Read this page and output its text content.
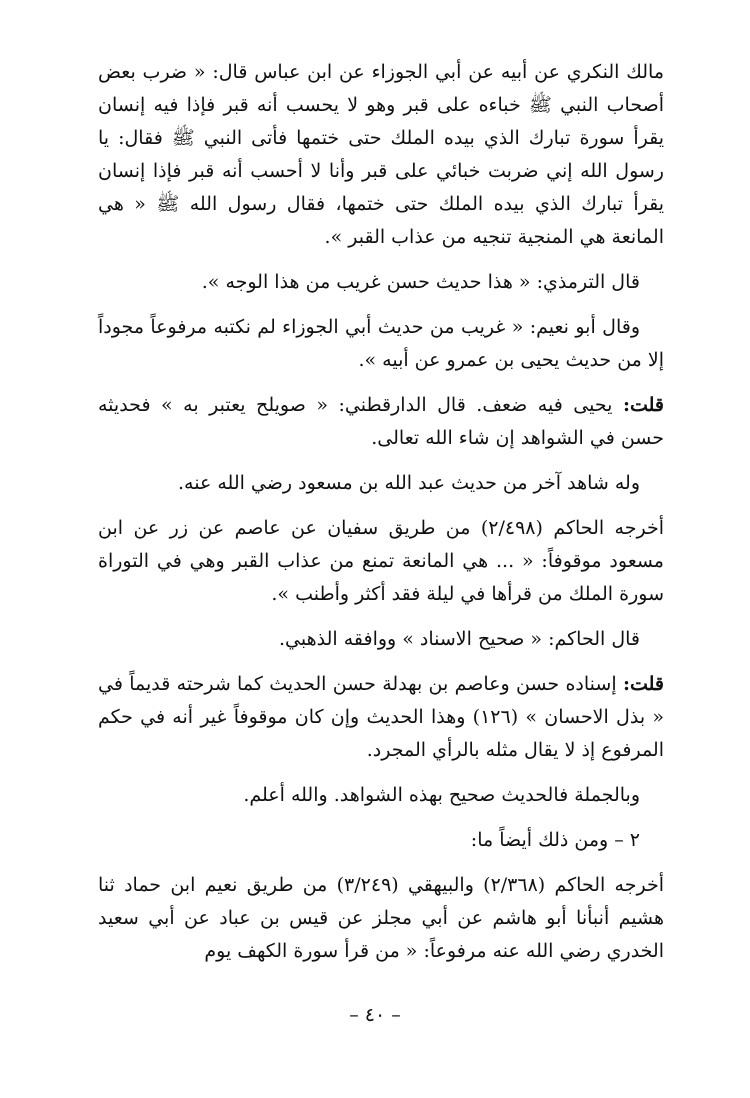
مالك النكري عن أبيه عن أبي الجوزاء عن ابن عباس قال: « ضرب بعض أصحاب النبي ﷺ خباءه على قبر وهو لا يحسب أنه قبر فإذا فيه إنسان يقرأ سورة تبارك الذي بيده الملك حتى ختمها فأتى النبي ﷺ فقال: يا رسول الله إني ضربت خبائي على قبر وأنا لا أحسب أنه قبر فإذا إنسان يقرأ تبارك الذي بيده الملك حتى ختمها، فقال رسول الله ﷺ « هي المانعة هي المنجية تنجيه من عذاب القبر ».

قال الترمذي: « هذا حديث حسن غريب من هذا الوجه ».

وقال أبو نعيم: « غريب من حديث أبي الجوزاء لم نكتبه مرفوعاً مجوداً إلا من حديث يحيى بن عمرو عن أبيه ».

قلت: يحيى فيه ضعف. قال الدارقطني: « صويلح يعتبر به » فحديثه حسن في الشواهد إن شاء الله تعالى.

وله شاهد آخر من حديث عبد الله بن مسعود رضي الله عنه.

أخرجه الحاكم (٢/٤٩٨) من طريق سفيان عن عاصم عن زر عن ابن مسعود موقوفاً: « ... هي المانعة تمنع من عذاب القبر وهي في التوراة سورة الملك من قرأها في ليلة فقد أكثر وأطنب ».

قال الحاكم: « صحيح الاسناد » ووافقه الذهبي.

قلت: إسناده حسن وعاصم بن بهدلة حسن الحديث كما شرحته قديماً في « بذل الاحسان » (١٢٦) وهذا الحديث وإن كان موقوفاً غير أنه في حكم المرفوع إذ لا يقال مثله بالرأي المجرد.

وبالجملة فالحديث صحيح بهذه الشواهد. والله أعلم.

٢ – ومن ذلك أيضاً ما:

أخرجه الحاكم (٢/٣٦٨) والبيهقي (٣/٢٤٩) من طريق نعيم ابن حماد ثنا هشيم أنبأنا أبو هاشم عن أبي مجلز عن قيس بن عباد عن أبي سعيد الخدري رضي الله عنه مرفوعاً: « من قرأ سورة الكهف يوم

– ٤٠ –
